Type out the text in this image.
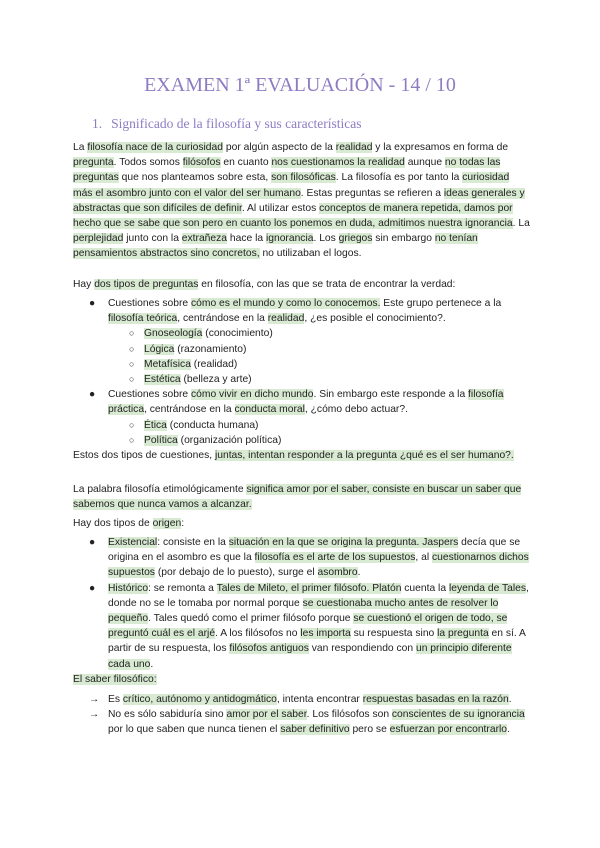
EXAMEN 1ª EVALUACIÓN - 14 / 10
1. Significado de la filosofía y sus características

La filosofía nace de la curiosidad por algún aspecto de la realidad y la expresamos en forma de pregunta. Todos somos filósofos en cuanto nos cuestionamos la realidad aunque no todas las preguntas que nos planteamos sobre esta, son filosóficas. La filosofía es por tanto la curiosidad más el asombro junto con el valor del ser humano. Estas preguntas se refieren a ideas generales y abstractas que son difíciles de definir. Al utilizar estos conceptos de manera repetida, damos por hecho que se sabe que son pero en cuanto los ponemos en duda, admitimos nuestra ignorancia. La perplejidad junto con la extrañeza hace la ignorancia. Los griegos sin embargo no tenían pensamientos abstractos sino concretos, no utilizaban el logos.

Hay dos tipos de preguntas en filosofía, con las que se trata de encontrar la verdad:

● Cuestiones sobre cómo es el mundo y como lo conocemos. Este grupo pertenece a la filosofía teórica, centrándose en la realidad, ¿es posible el conocimiento?.
○ Gnoseología (conocimiento)
○ Lógica (razonamiento)
○ Metafísica (realidad)
○ Estética (belleza y arte)
● Cuestiones sobre cómo vivir en dicho mundo. Sin embargo este responde a la filosofía práctica, centrándose en la conducta moral, ¿cómo debo actuar?.
○ Ética (conducta humana)
○ Política (organización política)

Estos dos tipos de cuestiones, juntas, intentan responder a la pregunta ¿qué es el ser humano?.

La palabra filosofía etimológicamente significa amor por el saber, consiste en buscar un saber que sabemos que nunca vamos a alcanzar.

Hay dos tipos de origen:

● Existencial: consiste en la situación en la que se origina la pregunta. Jaspers decía que se origina en el asombro es que la filosofía es el arte de los supuestos, al cuestionarnos dichos supuestos (por debajo de lo puesto), surge el asombro.
● Histórico: se remonta a Tales de Mileto, el primer filósofo. Platón cuenta la leyenda de Tales, donde no se le tomaba por normal porque se cuestionaba mucho antes de resolver lo pequeño. Tales quedó como el primer filósofo porque se cuestionó el origen de todo, se preguntó cuál es el arjé. A los filósofos no les importa su respuesta sino la pregunta en sí. A partir de su respuesta, los filósofos antiguos van respondiendo con un principio diferente cada uno.

El saber filosófico:

→ Es crítico, autónomo y antidogmático, intenta encontrar respuestas basadas en la razón.
→ No es sólo sabiduría sino amor por el saber. Los filósofos son conscientes de su ignorancia por lo que saben que nunca tienen el saber definitivo pero se esfuerzan por encontrarlo.
